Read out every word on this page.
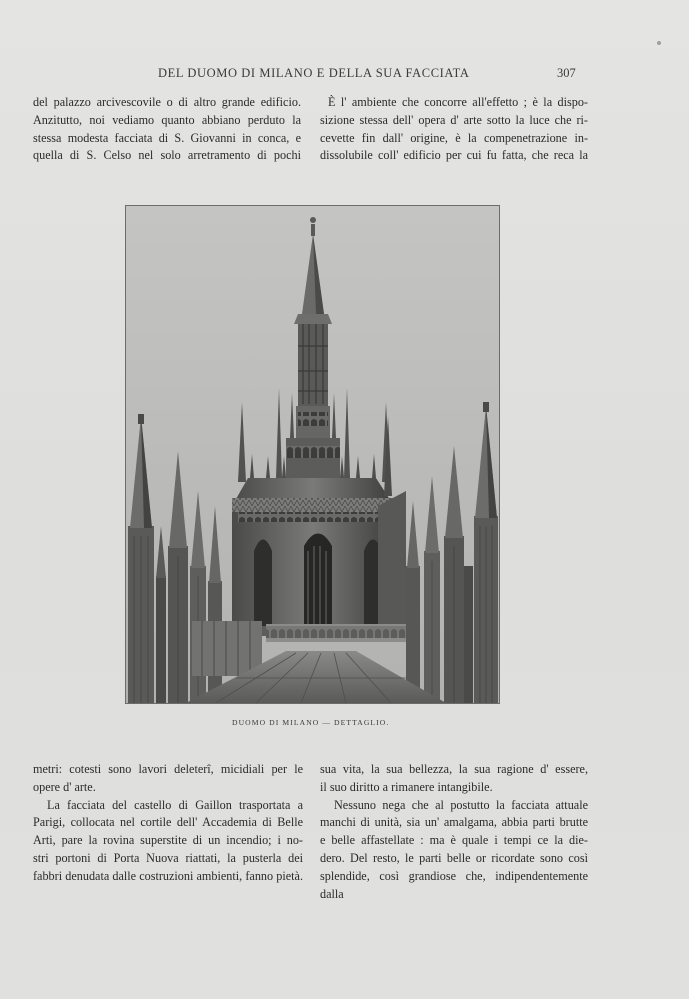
DEL DUOMO DI MILANO E DELLA SUA FACCIATA	307
del palazzo arcivescovile o di altro grande edificio.
Anzitutto, noi vediamo quanto abbiano perduto la
stessa modesta facciata di S. Giovanni in conca, e
quella di S. Celso nel solo arretramento di pochi
È l' ambiente che concorre all'effetto ; è la dispo-
sizione stessa dell' opera d' arte sotto la luce che ri-
cevette fin dall' origine, è la compenetrazione in-
dissolubile coll' edificio per cui fu fatta, che reca la
DUOMO DI MILANO — DETTAGLIO.
metri: cotesti sono lavori deleterî, micidiali per le
opere d' arte.
La facciata del castello di Gaillon trasportata a
Parigi, collocata nel cortile dell' Accademia di Belle
Arti, pare la rovina superstite di un incendio; i no-
stri portoni di Porta Nuova riattati, la pusterla dei
fabbri denudata dalle costruzioni ambienti, fanno pietà.
sua vita, la sua bellezza, la sua ragione d' essere,
il suo diritto a rimanere intangibile.
Nessuno nega che al postutto la facciata attuale
manchi di unità, sia un' amalgama, abbia parti brutte
e belle affastellate : ma è quale i tempi ce la die-
dero. Del resto, le parti belle or ricordate sono così
splendide, così grandiose che, indipendentemente dalla
